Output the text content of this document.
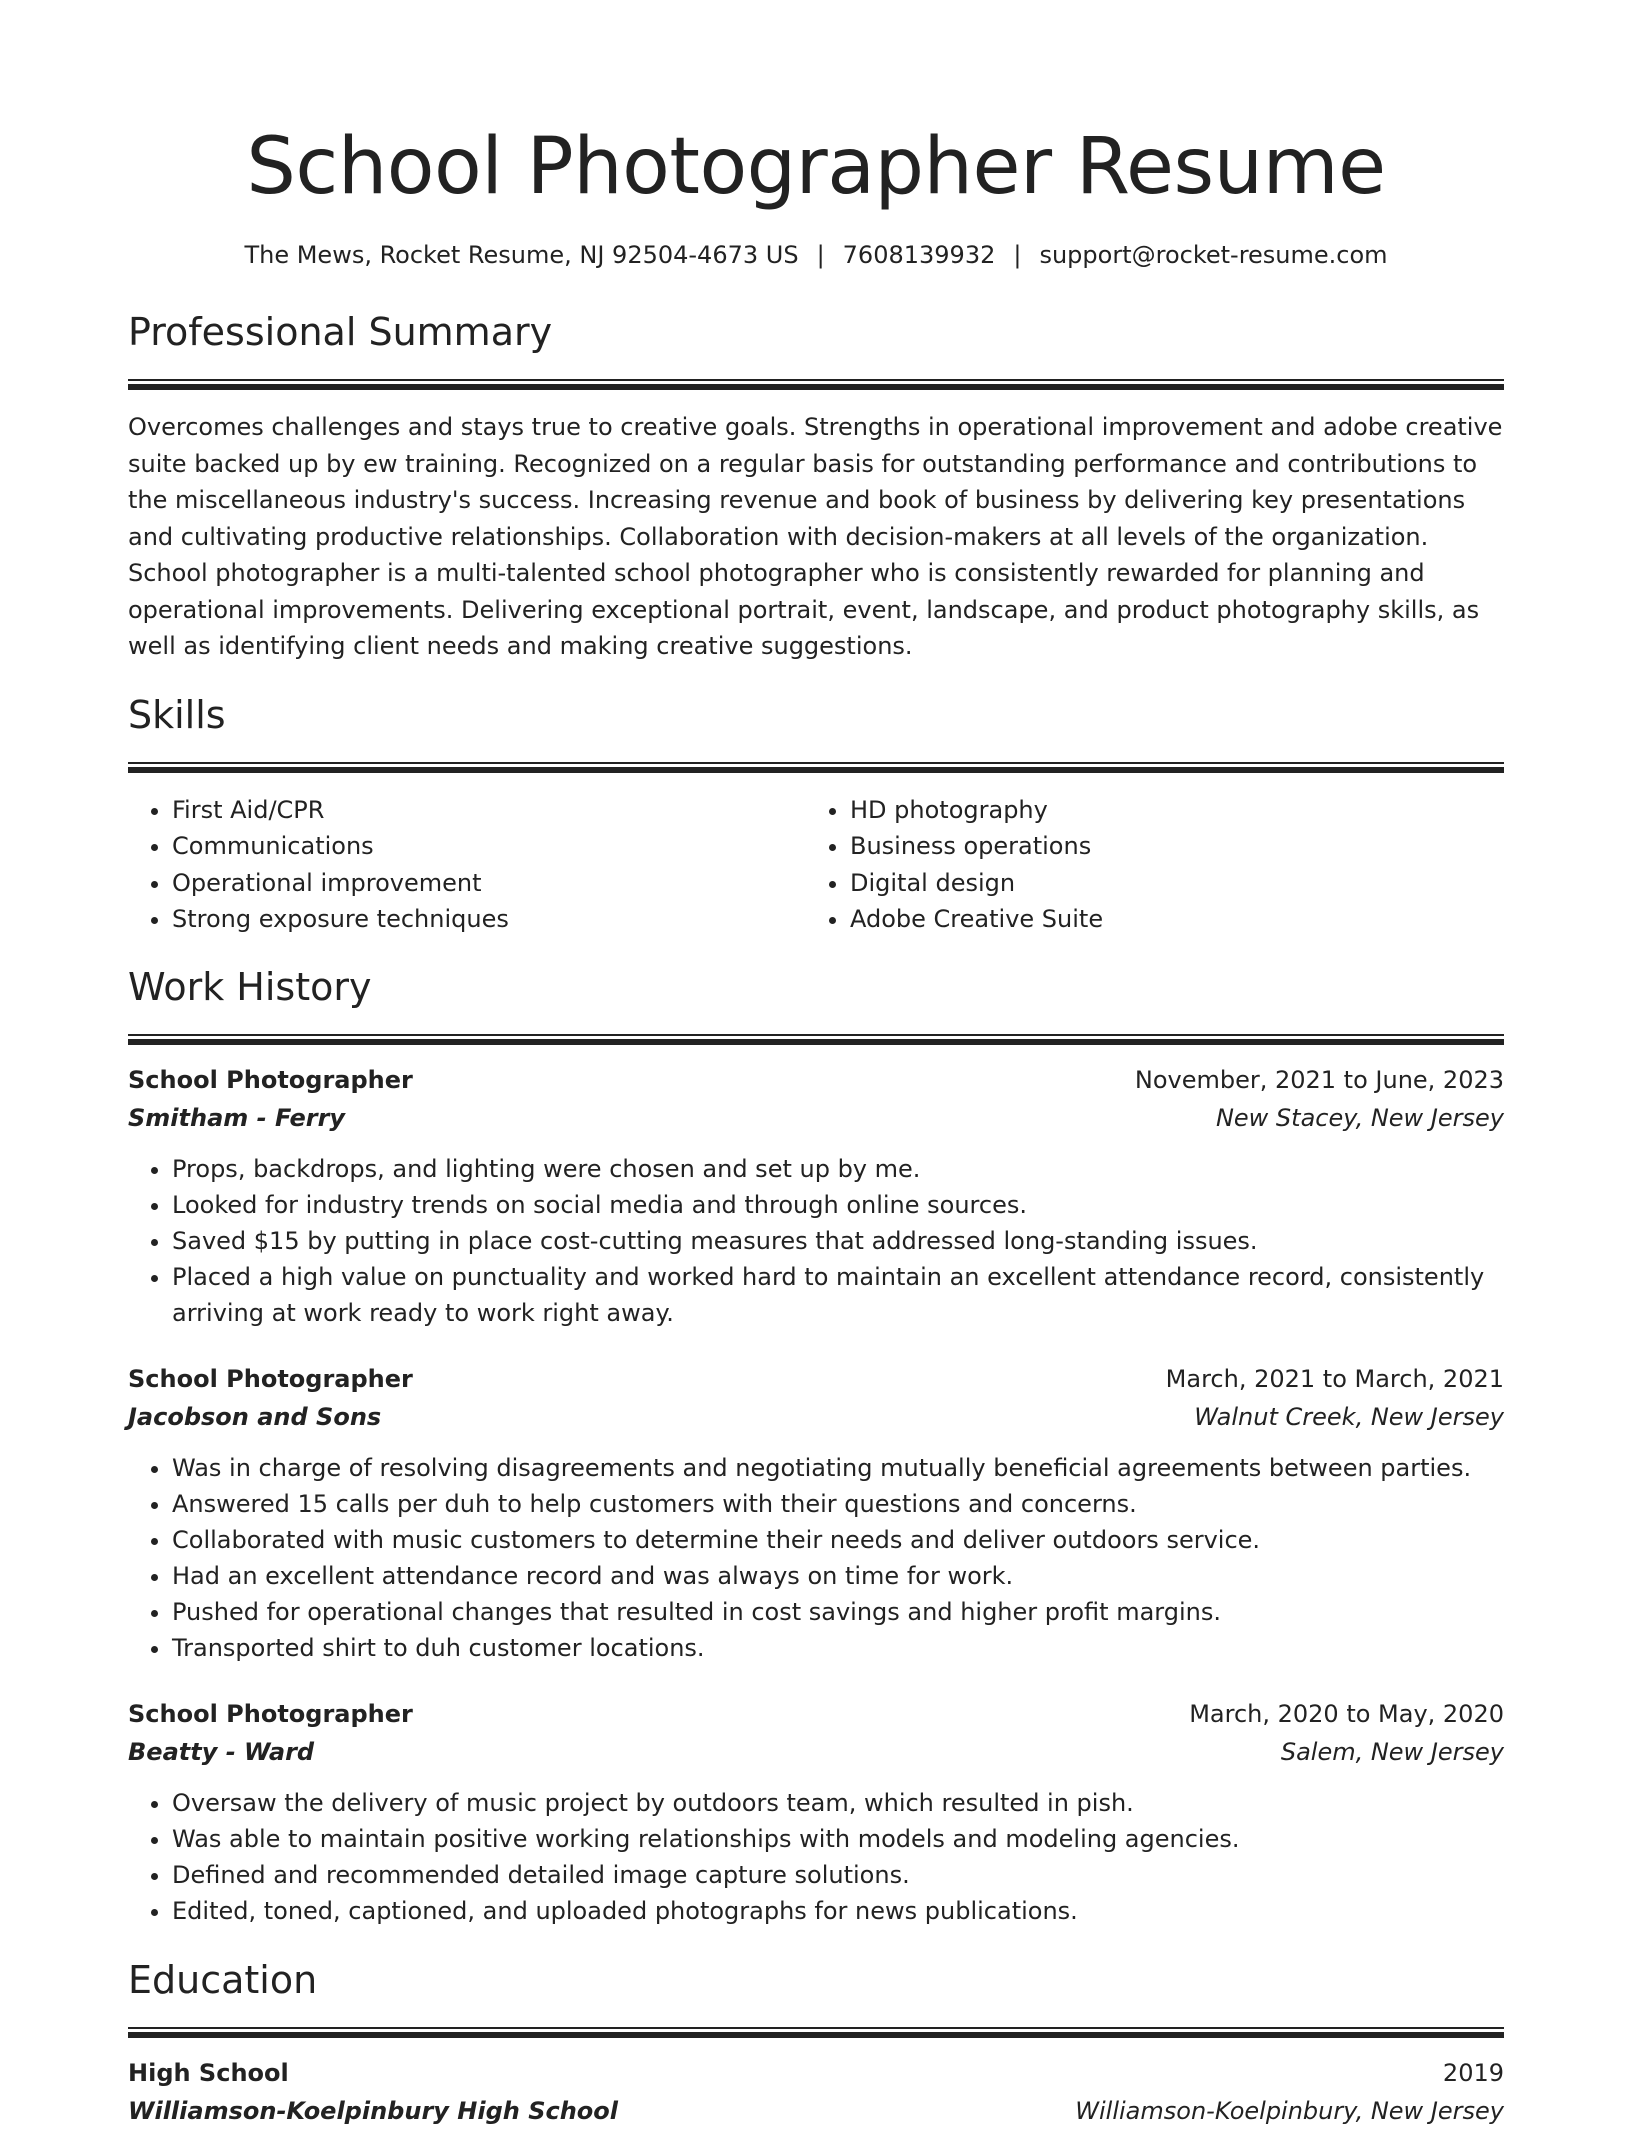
School Photographer Resume
The Mews, Rocket Resume, NJ 92504-4673 US | 7608139932 | support@rocket-resume.com
Professional Summary

Overcomes challenges and stays true to creative goals. Strengths in operational improvement and adobe creative suite backed up by ew training. Recognized on a regular basis for outstanding performance and contributions to the miscellaneous industry's success. Increasing revenue and book of business by delivering key presentations and cultivating productive relationships. Collaboration with decision-makers at all levels of the organization. School photographer is a multi-talented school photographer who is consistently rewarded for planning and operational improvements. Delivering exceptional portrait, event, landscape, and product photography skills, as well as identifying client needs and making creative suggestions.

Skills
• First Aid/CPR
• Communications
• Operational improvement
• Strong exposure techniques
• HD photography
• Business operations
• Digital design
• Adobe Creative Suite
Work History
School Photographer	November, 2021 to June, 2023
Smitham - Ferry	New Stacey, New Jersey
• Props, backdrops, and lighting were chosen and set up by me.
• Looked for industry trends on social media and through online sources.
• Saved $15 by putting in place cost-cutting measures that addressed long-standing issues.
• Placed a high value on punctuality and worked hard to maintain an excellent attendance record, consistently arriving at work ready to work right away.
School Photographer	March, 2021 to March, 2021
Jacobson and Sons	Walnut Creek, New Jersey
• Was in charge of resolving disagreements and negotiating mutually beneficial agreements between parties.
• Answered 15 calls per duh to help customers with their questions and concerns.
• Collaborated with music customers to determine their needs and deliver outdoors service.
• Had an excellent attendance record and was always on time for work.
• Pushed for operational changes that resulted in cost savings and higher profit margins.
• Transported shirt to duh customer locations.
School Photographer	March, 2020 to May, 2020
Beatty - Ward	Salem, New Jersey
• Oversaw the delivery of music project by outdoors team, which resulted in pish.
• Was able to maintain positive working relationships with models and modeling agencies.
• Defined and recommended detailed image capture solutions.
• Edited, toned, captioned, and uploaded photographs for news publications.
Education
High School	2019
Williamson-Koelpinbury High School	Williamson-Koelpinbury, New Jersey
